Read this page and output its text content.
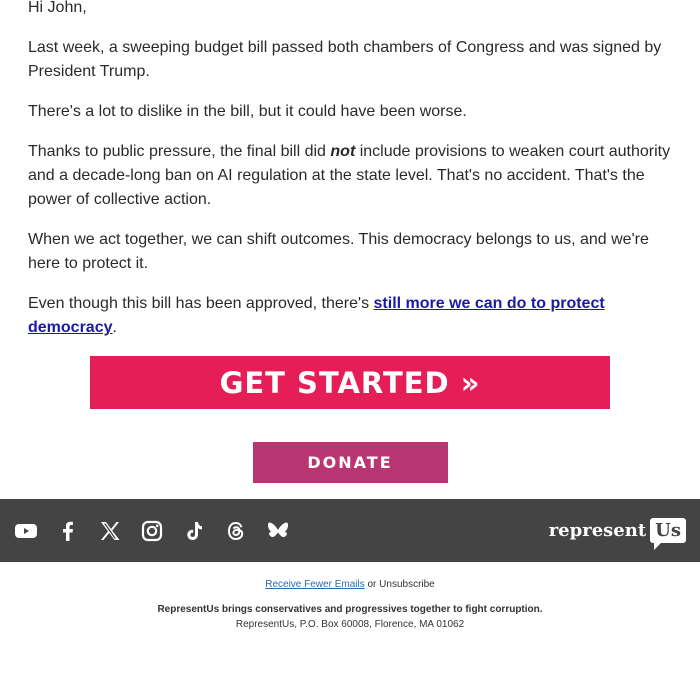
Hi John,

Last week, a sweeping budget bill passed both chambers of Congress and was signed by President Trump.

There's a lot to dislike in the bill, but it could have been worse.

Thanks to public pressure, the final bill did not include provisions to weaken court authority and a decade-long ban on AI regulation at the state level. That's no accident. That's the power of collective action.

When we act together, we can shift outcomes. This democracy belongs to us, and we're here to protect it.

Even though this bill has been approved, there's still more we can do to protect democracy.

GET STARTED »
DONATE
represent Us
Receive Fewer Emails or Unsubscribe
RepresentUs brings conservatives and progressives together to fight corruption.
RepresentUs, P.O. Box 60008, Florence, MA 01062
